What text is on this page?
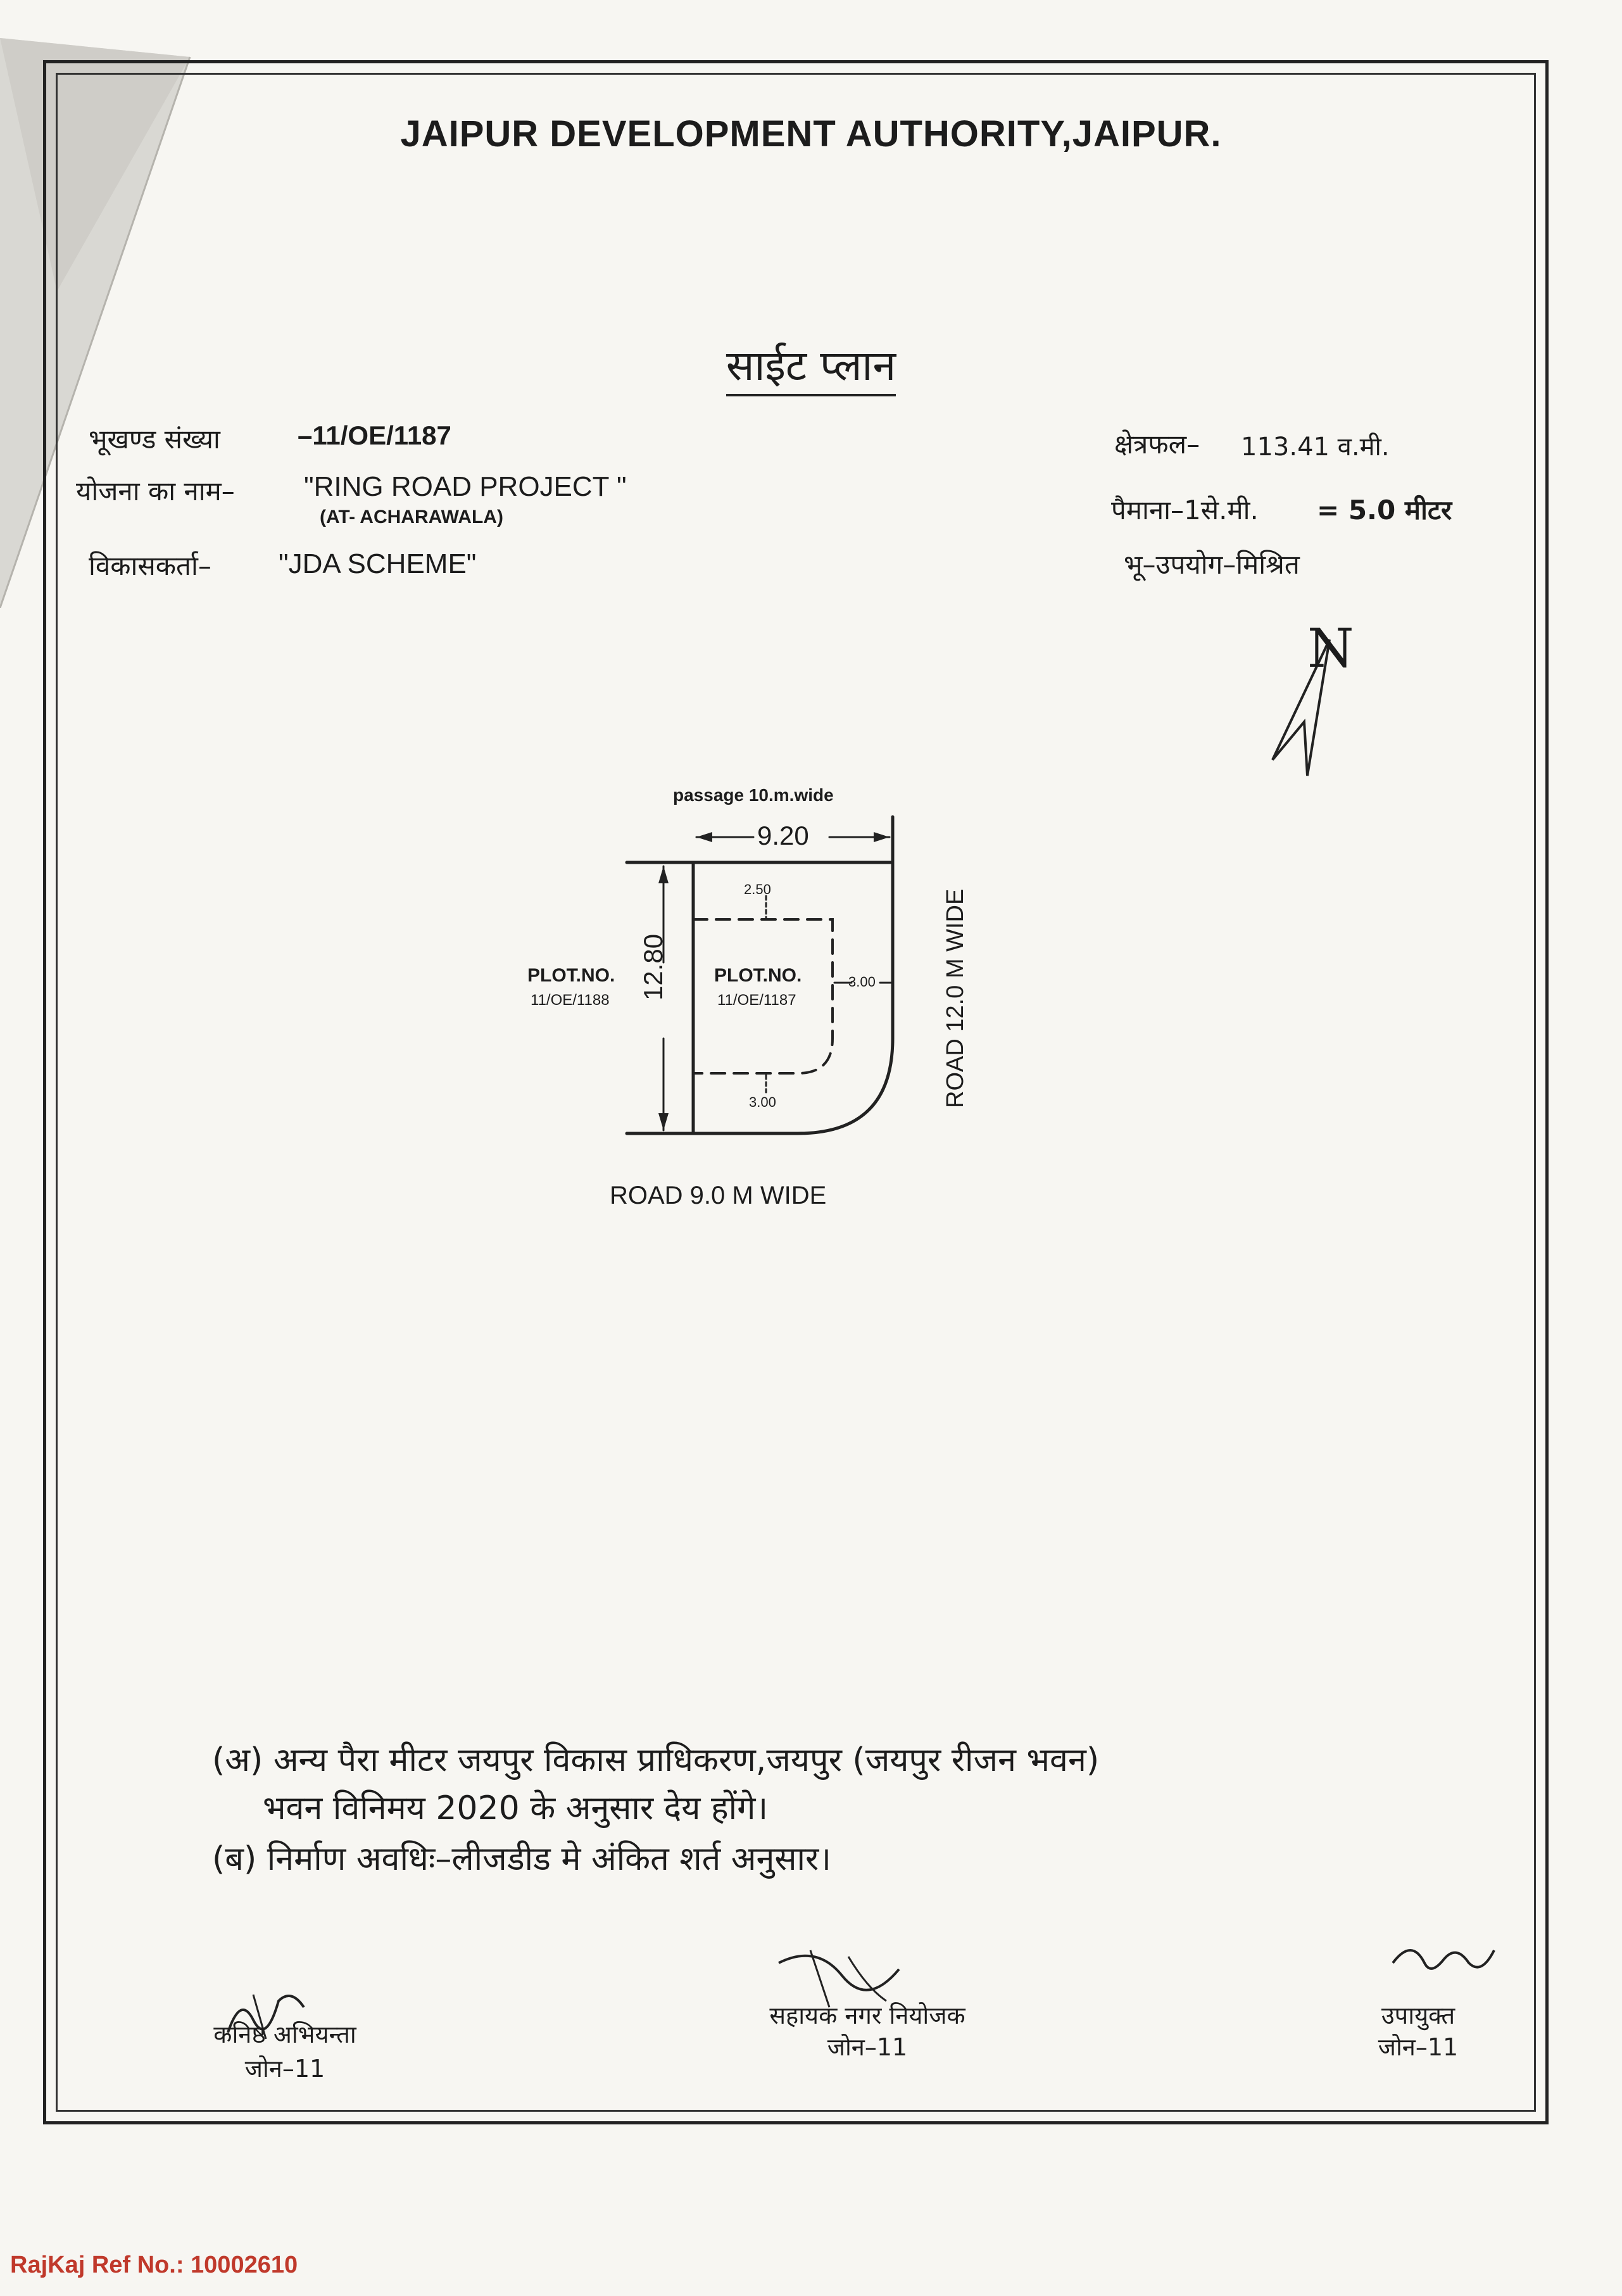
JAIPUR DEVELOPMENT AUTHORITY,JAIPUR.
साईट प्लान
भूखण्ड संख्या	–11/OE/1187
योजना का नाम– "RING ROAD PROJECT "
(AT- ACHARAWALA)
विकासकर्ता– "JDA SCHEME"
क्षेत्रफल– 113.41 व.मी.
पैमाना–1से.मी. = 5.0 मीटर
भू–उपयोग–मिश्रित
N
passage 10.m.wide
9.20
2.50
3.00
3.00
12.80 PLOT.NO.
11/OE/1187
PLOT.NO.
11/OE/1188	ROAD 12.0 M WIDE
ROAD 9.0 M WIDE
(अ) अन्य पैरा मीटर जयपुर विकास प्राधिकरण,जयपुर (जयपुर रीजन भवन)
भवन विनिमय 2020 के अनुसार देय होंगे।
(ब) निर्माण अवधिः–लीजडीड मे अंकित शर्त अनुसार।
कनिष्ठ अभियन्ता
जोन–11
सहायक नगर नियोजक
जोन–11
उपायुक्त
जोन–11
RajKaj Ref No.: 10002610
